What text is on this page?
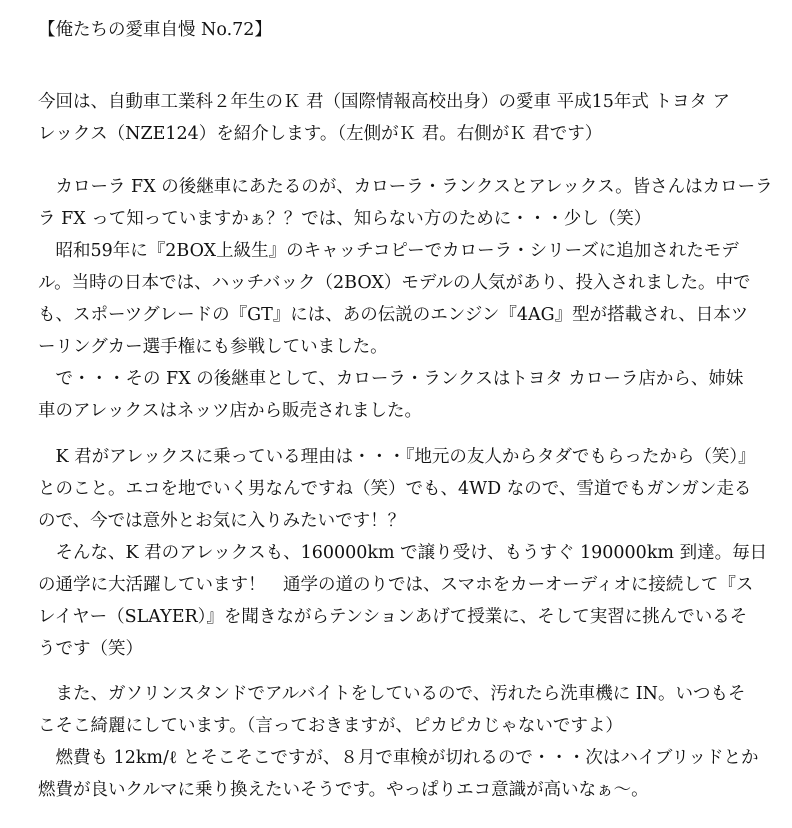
【俺たちの愛車自慢 No.72】
今回は、自動車工業科２年生のＫ 君（国際情報高校出身）の愛車 平成15年式 トヨタ ア
レックス（NZE124）を紹介します。（左側がＫ 君。右側がＫ 君です）
　カローラ FX の後継車にあたるのが、カローラ・ランクスとアレックス。皆さんはカローラ
ラ FX って知っていますかぁ？？では、知らない方のために・・・少し（笑）
　昭和59年に『2BOX上級生』のキャッチコピーでカローラ・シリーズに追加されたモデ
ル。当時の日本では、ハッチバック（2BOX）モデルの人気があり、投入されました。中で
も、スポーツグレードの『GT』には、あの伝説のエンジン『4AG』型が搭載され、日本ツ
ーリングカー選手権にも参戦していました。
　で・・・その FX の後継車として、カローラ・ランクスはトヨタ カローラ店から、姉妹
車のアレックスはネッツ店から販売されました。
　K 君がアレックスに乗っている理由は・・・『地元の友人からタダでもらったから（笑）』
とのこと。エコを地でいく男なんですね（笑）でも、4WD なので、雪道でもガンガン走る
ので、今では意外とお気に入りみたいです！？
　そんな、K 君のアレックスも、160000km で譲り受け、もうすぐ 190000km 到達。毎日
の通学に大活躍しています！　通学の道のりでは、スマホをカーオーディオに接続して『ス
レイヤー（SLAYER）』を聞きながらテンションあげて授業に、そして実習に挑んでいるそ
うです（笑）
　また、ガソリンスタンドでアルバイトをしているので、汚れたら洗車機に IN。いつもそ
こそこ綺麗にしています。（言っておきますが、ピカピカじゃないですよ）
　燃費も 12km/ℓ とそこそこですが、８月で車検が切れるので・・・次はハイブリッドとか
燃費が良いクルマに乗り換えたいそうです。やっぱりエコ意識が高いなぁ～。
